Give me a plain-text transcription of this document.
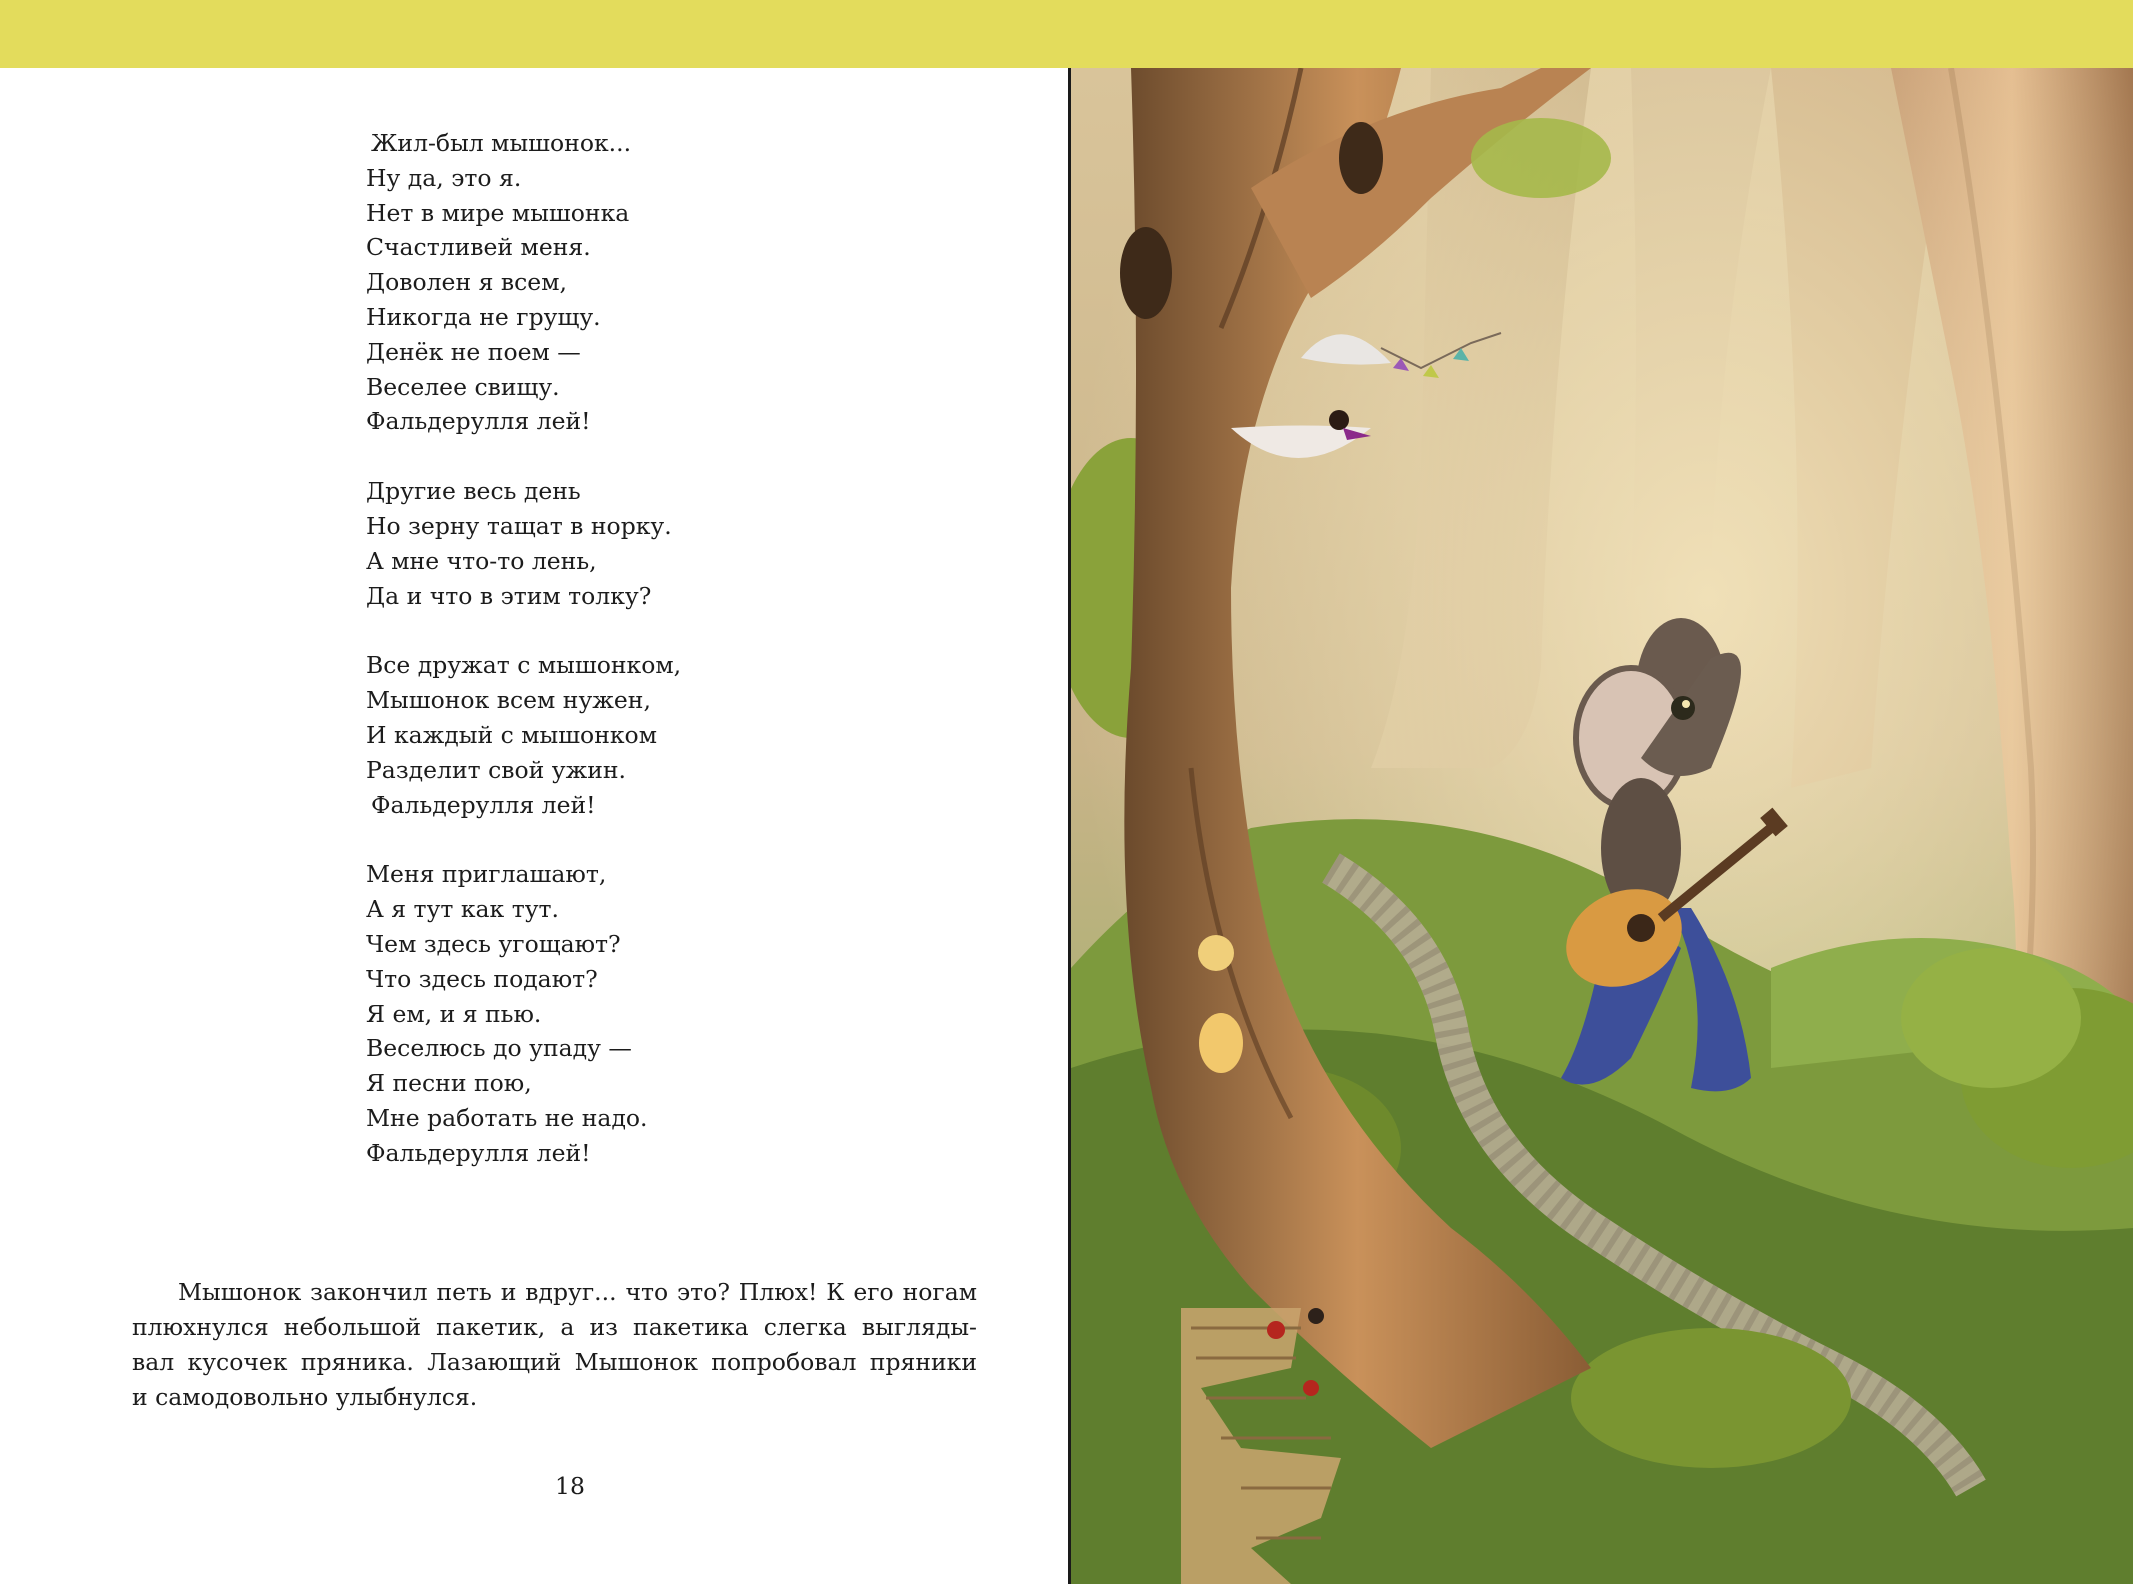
Жил-был мышонок...
Ну да, это я.
Нет в мире мышонка
Счастливей меня.
Доволен я всем,
Никогда не грущу.
Денёк не поем —
Веселее свищу.
Фальдерулля лей!
Другие весь день
Но зерну тащат в норку.
А мне что-то лень,
Да и что в этим толку?
Все дружат с мышонком,
Мышонок всем нужен,
И каждый с мышонком
Разделит свой ужин.
Фальдерулля лей!
Меня приглашают,
А я тут как тут.
Чем здесь угощают?
Что здесь подают?
Я ем, и я пью.
Веселюсь до упаду —
Я песни пою,
Мне работать не надо.
Фальдерулля лей!
Мышонок закончил петь и вдруг... что это? Плюх! К его ногам
плюхнулся небольшой пакетик, а из пакетика слегка выгляды-
вал кусочек пряника. Лазающий Мышонок попробовал пряники
и самодовольно улыбнулся.
18
